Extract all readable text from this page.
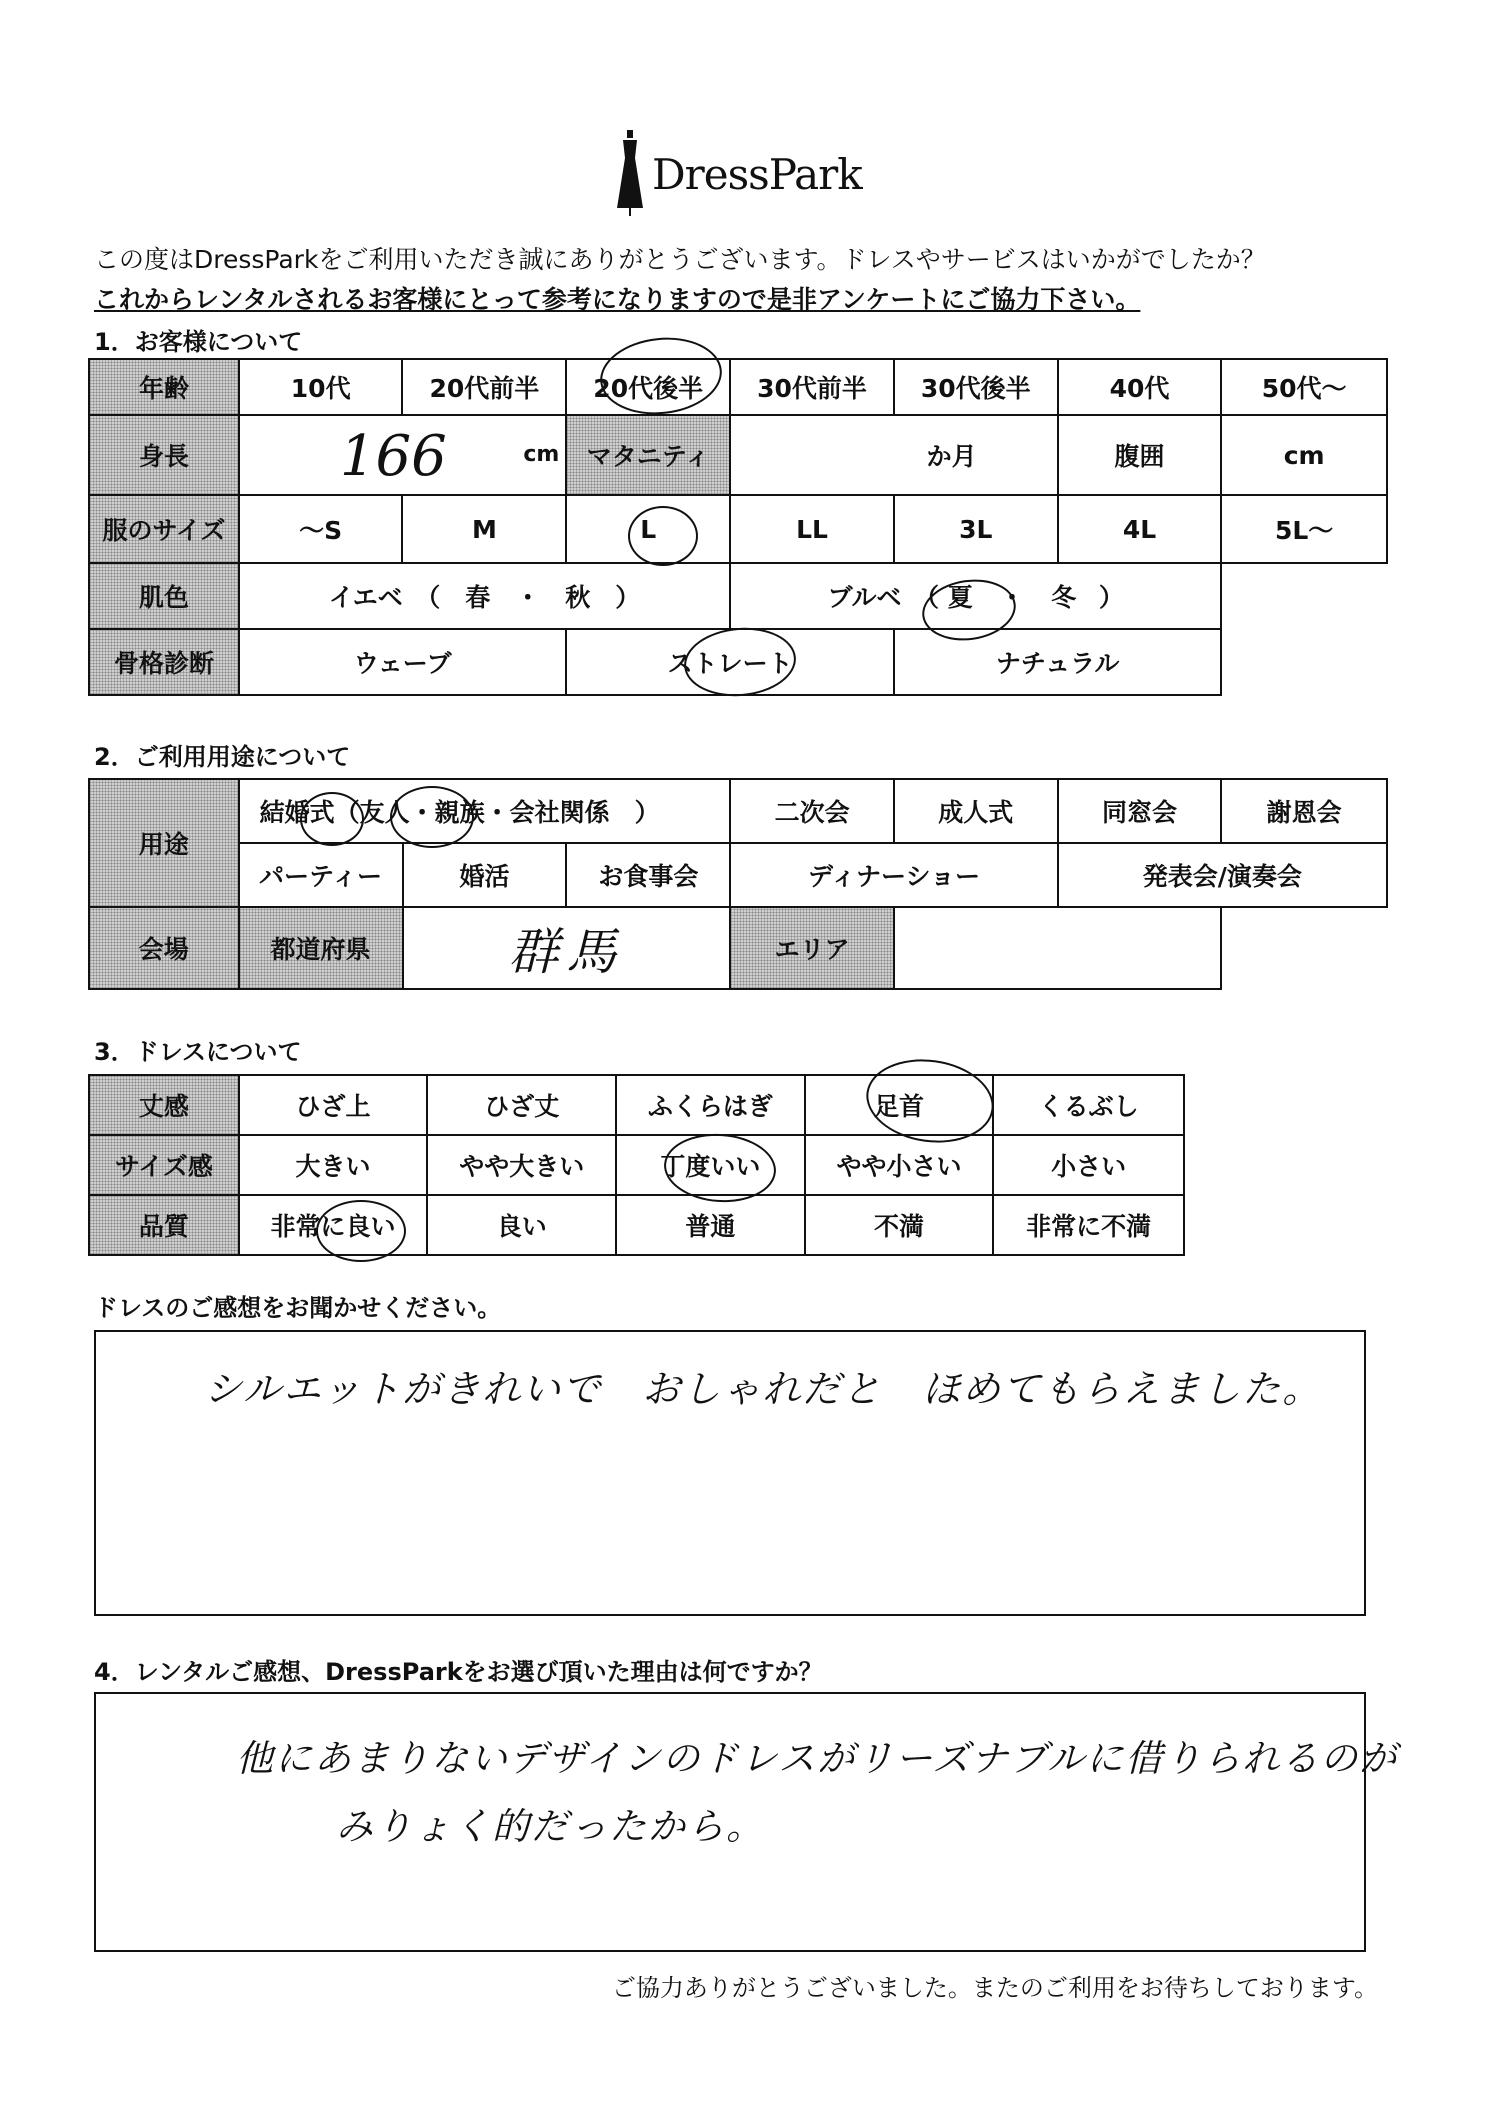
DressPark
この度はDressParkをご利用いただき誠にありがとうございます。ドレスやサービスはいかがでしたか？
これからレンタルされるお客様にとって参考になりますので是非アンケートにご協力下さい。
1．お客様について
年齢	10代	20代前半	20代後半	30代前半	30代後半	40代	50代～
身長	166 cm		マタニティ	か月		腹囲	cm
服のサイズ	～S	M	L	LL	3L	4L	5L～
肌色	イエベ　（　春　・　秋　）			ブルベ　（ 夏 ・ 冬 ）			
骨格診断	ウェーブ		ストレート		ナチュラル		
2．ご利用用途について
用途	結婚式（友人・親族・会社関係　）			二次会	成人式	同窓会	謝恩会
	パーティー	婚活	お食事会	ディナーショー		発表会/演奏会	
会場	都道府県	群馬		エリア			
3．ドレスについて
丈感	ひざ上	ひざ丈	ふくらはぎ	足首	くるぶし
サイズ感	大きい	やや大きい	丁度いい	やや小さい	小さい
品質	非常に良い	良い	普通	不満	非常に不満
ドレスのご感想をお聞かせください。
シルエットがきれいで　おしゃれだと　ほめてもらえました。
4．レンタルご感想、DressParkをお選び頂いた理由は何ですか？
他にあまりないデザインのドレスがリーズナブルに借りられるのが
みりょく的だったから。
ご協力ありがとうございました。またのご利用をお待ちしております。
